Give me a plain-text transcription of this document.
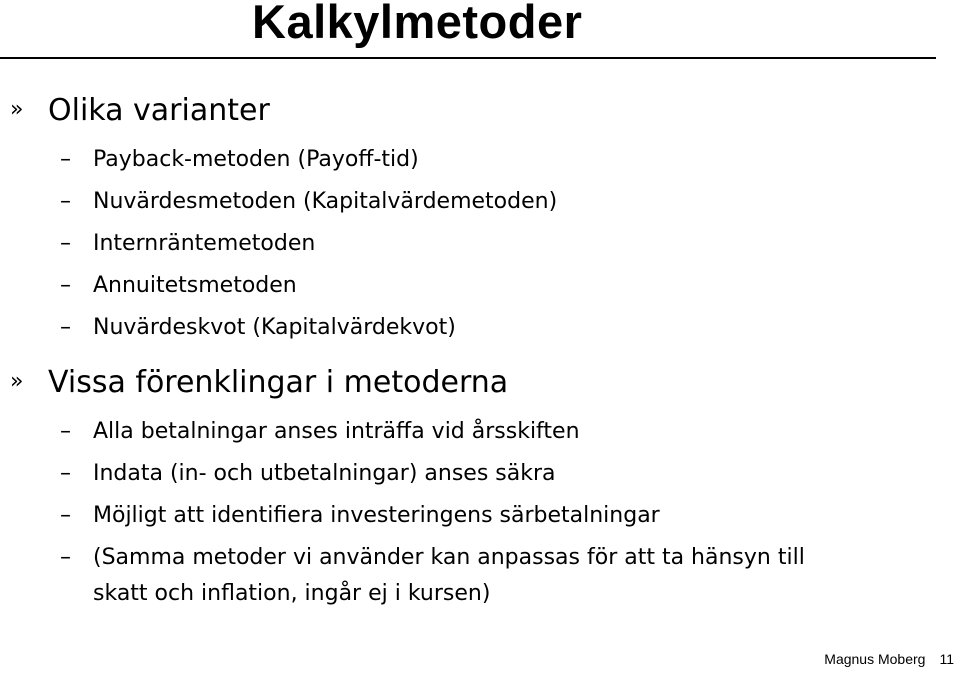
Kalkylmetoder
» Olika varianter
– Payback-metoden (Payoff-tid)
– Nuvärdesmetoden (Kapitalvärdemetoden)
– Internräntemetoden
– Annuitetsmetoden
– Nuvärdeskvot (Kapitalvärdekvot)
» Vissa förenklingar i metoderna
– Alla betalningar anses inträffa vid årsskiften
– Indata (in- och utbetalningar) anses säkra
– Möjligt att identifiera investeringens särbetalningar
– (Samma metoder vi använder kan anpassas för att ta hänsyn till
skatt och inflation, ingår ej i kursen)
Magnus Moberg 11
